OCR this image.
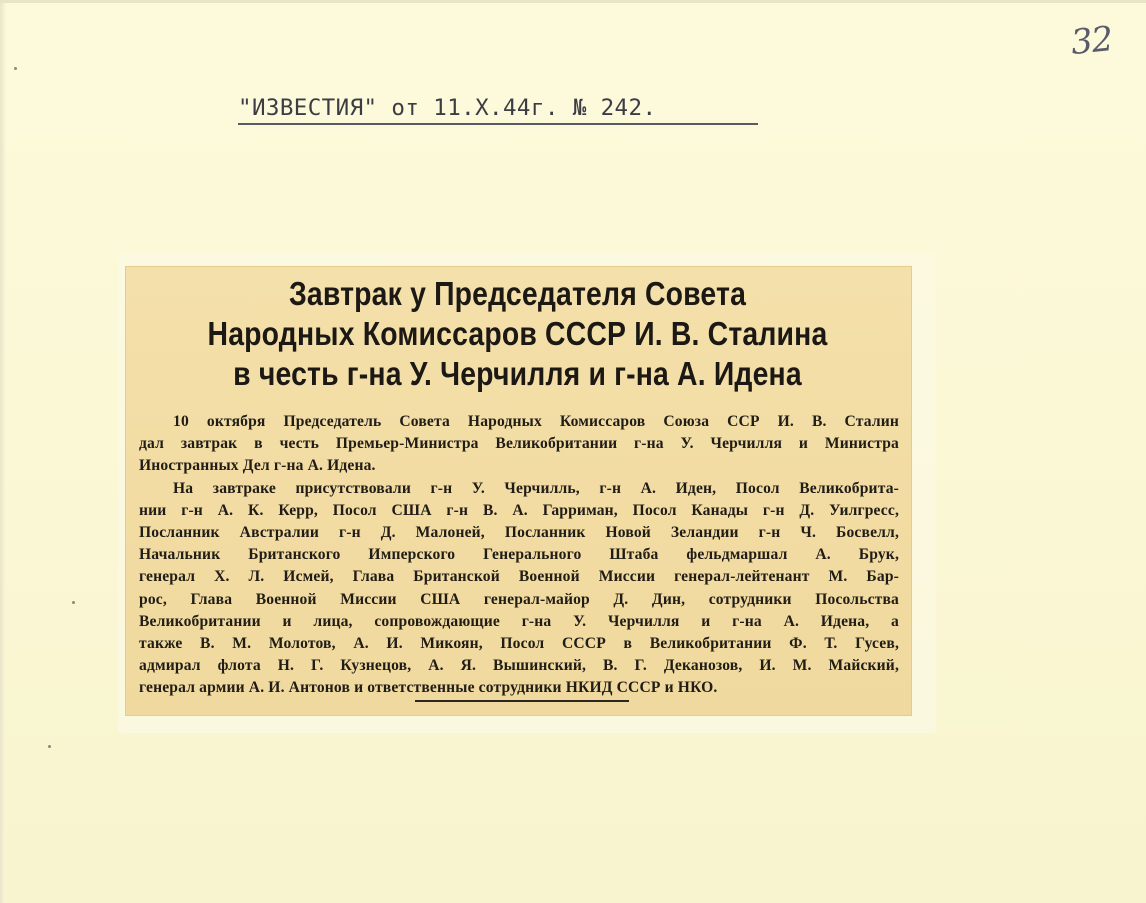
32
"ИЗВЕСТИЯ" от 11.X.44г. № 242.
Завтрак у Председателя Совета
Народных Комиссаров СССР И. В. Сталина
в честь г-на У. Черчилля и г-на А. Идена
10 октября Председатель Совета Народных Комиссаров Союза ССР И. В. Сталин
дал завтрак в честь Премьер-Министра Великобритании г-на У. Черчилля и Министра
Иностранных Дел г-на А. Идена.
На завтраке присутствовали г-н У. Черчилль, г-н А. Иден, Посол Великобрита-
нии г-н А. К. Керр, Посол США г-н В. А. Гарриман, Посол Канады г-н Д. Уилгресс,
Посланник Австралии г-н Д. Малоней, Посланник Новой Зеландии г-н Ч. Босвелл,
Начальник Британского Имперского Генерального Штаба фельдмаршал А. Брук,
генерал Х. Л. Исмей, Глава Британской Военной Миссии генерал-лейтенант М. Бар-
рос, Глава Военной Миссии США генерал-майор Д. Дин, сотрудники Посольства
Великобритании и лица, сопровождающие г-на У. Черчилля и г-на А. Идена, а
также В. М. Молотов, А. И. Микоян, Посол СССР в Великобритании Ф. Т. Гусев,
адмирал флота Н. Г. Кузнецов, А. Я. Вышинский, В. Г. Деканозов, И. М. Майский,
генерал армии А. И. Антонов и ответственные сотрудники НКИД СССР и НКО.
